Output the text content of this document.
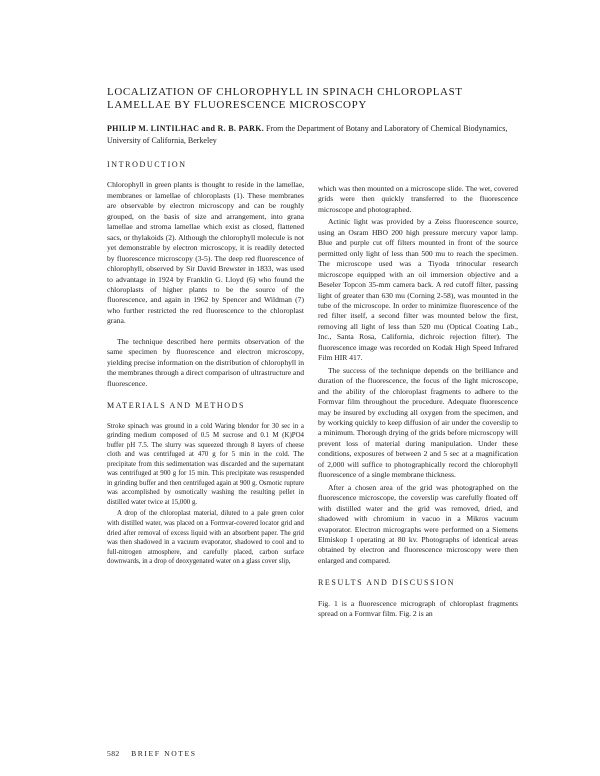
LOCALIZATION OF CHLOROPHYLL IN SPINACH CHLOROPLAST LAMELLAE BY FLUORESCENCE MICROSCOPY

PHILIP M. LINTILHAC and R. B. PARK. From the Department of Botany and Laboratory of Chemical Biodynamics, University of California, Berkeley

INTRODUCTION

Chlorophyll in green plants is thought to reside in the lamellae, membranes or lamellae of chloroplasts (1). These membranes are observable by electron microscopy and can be roughly grouped, on the basis of size and arrangement, into grana lamellae and stroma lamellae which exist as closed, flattened sacs, or thylakoids (2). Although the chlorophyll molecule is not yet demonstrable by electron microscopy, it is readily detected by fluorescence microscopy (3-5). The deep red fluorescence of chlorophyll, observed by Sir David Brewster in 1833, was used to advantage in 1924 by Franklin G. Lloyd (6) who found the chloroplasts of higher plants to be the source of the fluorescence, and again in 1962 by Spencer and Wildman (7) who further restricted the red fluorescence to the chloroplast grana.

The technique described here permits observation of the same specimen by fluorescence and electron microscopy, yielding precise information on the distribution of chlorophyll in the membranes through a direct comparison of ultrastructure and fluorescence.

MATERIALS AND METHODS

Stroke spinach was ground in a cold Waring blendor for 30 sec in a grinding medium composed of 0.5 M sucrose and 0.1 M (K)PO4 buffer pH 7.5. The slurry was squeezed through 8 layers of cheese cloth and was centrifuged at 470 g for 5 min in the cold. The precipitate from this sedimentation was discarded and the supernatant was centrifuged at 900 g for 15 min. This precipitate was resuspended in grinding buffer and then centrifuged again at 900 g. Osmotic rupture was accomplished by osmotically washing the resulting pellet in distilled water twice at 15,000 g.

A drop of the chloroplast material, diluted to a pale green color with distilled water, was placed on a Formvar-covered locator grid and dried after removal of excess liquid with an absorbent paper. The grid was then shadowed in a vacuum evaporator, shadowed to cool and to full-nitrogen atmosphere, and carefully placed, carbon surface downwards, in a drop of deoxygenated water on a glass cover slip,

which was then mounted on a microscope slide. The wet, covered grids were then quickly transferred to the fluorescence microscope and photographed.

Actinic light was provided by a Zeiss fluorescence source, using an Osram HBO 200 high pressure mercury vapor lamp. Blue and purple cut off filters mounted in front of the source permitted only light of less than 500 mu to reach the specimen. The microscope used was a Tiyoda trinocular research microscope equipped with an oil immersion objective and a Beseler Topcon 35-mm camera back. A red cutoff filter, passing light of greater than 630 mu (Corning 2-58), was mounted in the tube of the microscope. In order to minimize fluorescence of the red filter itself, a second filter was mounted below the first, removing all light of less than 520 mu (Optical Coating Lab., Inc., Santa Rosa, California, dichroic rejection filter). The fluorescence image was recorded on Kodak High Speed Infrared Film HIR 417.

The success of the technique depends on the brilliance and duration of the fluorescence, the focus of the light microscope, and the ability of the chloroplast fragments to adhere to the Formvar film throughout the procedure. Adequate fluorescence may be insured by excluding all oxygen from the specimen, and by working quickly to keep diffusion of air under the coverslip to a minimum. Thorough drying of the grids before microscopy will prevent loss of material during manipulation. Under these conditions, exposures of between 2 and 5 sec at a magnification of 2,000 will suffice to photographically record the chlorophyll fluorescence of a single membrane thickness.

After a chosen area of the grid was photographed on the fluorescence microscope, the coverslip was carefully floated off with distilled water and the grid was removed, dried, and shadowed with chromium in vacuo in a Mikros vacuum evaporator. Electron micrographs were performed on a Siemens Elmiskop I operating at 80 kv. Photographs of identical areas obtained by electron and fluorescence microscopy were then enlarged and compared.

RESULTS AND DISCUSSION

Fig. 1 is a fluorescence micrograph of chloroplast fragments spread on a Formvar film. Fig. 2 is an

582 BRIEF NOTES
